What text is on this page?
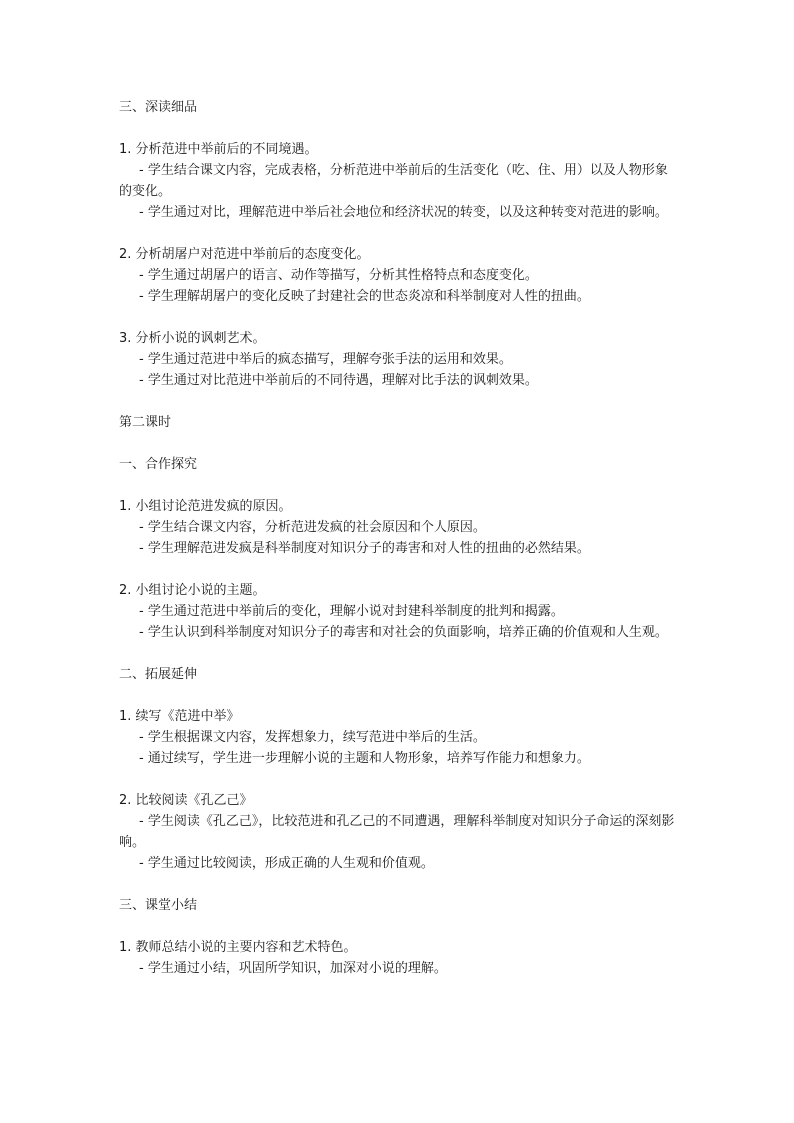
三、深读细品

1. 分析范进中举前后的不同境遇。

- 学生结合课文内容，完成表格，分析范进中举前后的生活变化（吃、住、用）以及人物形象的变化。

- 学生通过对比，理解范进中举后社会地位和经济状况的转变，以及这种转变对范进的影响。

2. 分析胡屠户对范进中举前后的态度变化。

- 学生通过胡屠户的语言、动作等描写，分析其性格特点和态度变化。

- 学生理解胡屠户的变化反映了封建社会的世态炎凉和科举制度对人性的扭曲。

3. 分析小说的讽刺艺术。

- 学生通过范进中举后的疯态描写，理解夸张手法的运用和效果。

- 学生通过对比范进中举前后的不同待遇，理解对比手法的讽刺效果。

第二课时

一、合作探究

1. 小组讨论范进发疯的原因。

- 学生结合课文内容，分析范进发疯的社会原因和个人原因。

- 学生理解范进发疯是科举制度对知识分子的毒害和对人性的扭曲的必然结果。

2. 小组讨论小说的主题。

- 学生通过范进中举前后的变化，理解小说对封建科举制度的批判和揭露。

- 学生认识到科举制度对知识分子的毒害和对社会的负面影响，培养正确的价值观和人生观。

二、拓展延伸

1. 续写《范进中举》

- 学生根据课文内容，发挥想象力，续写范进中举后的生活。

- 通过续写，学生进一步理解小说的主题和人物形象，培养写作能力和想象力。

2. 比较阅读《孔乙己》

- 学生阅读《孔乙己》，比较范进和孔乙己的不同遭遇，理解科举制度对知识分子命运的深刻影响。

- 学生通过比较阅读，形成正确的人生观和价值观。

三、课堂小结

1. 教师总结小说的主要内容和艺术特色。

- 学生通过小结，巩固所学知识，加深对小说的理解。
